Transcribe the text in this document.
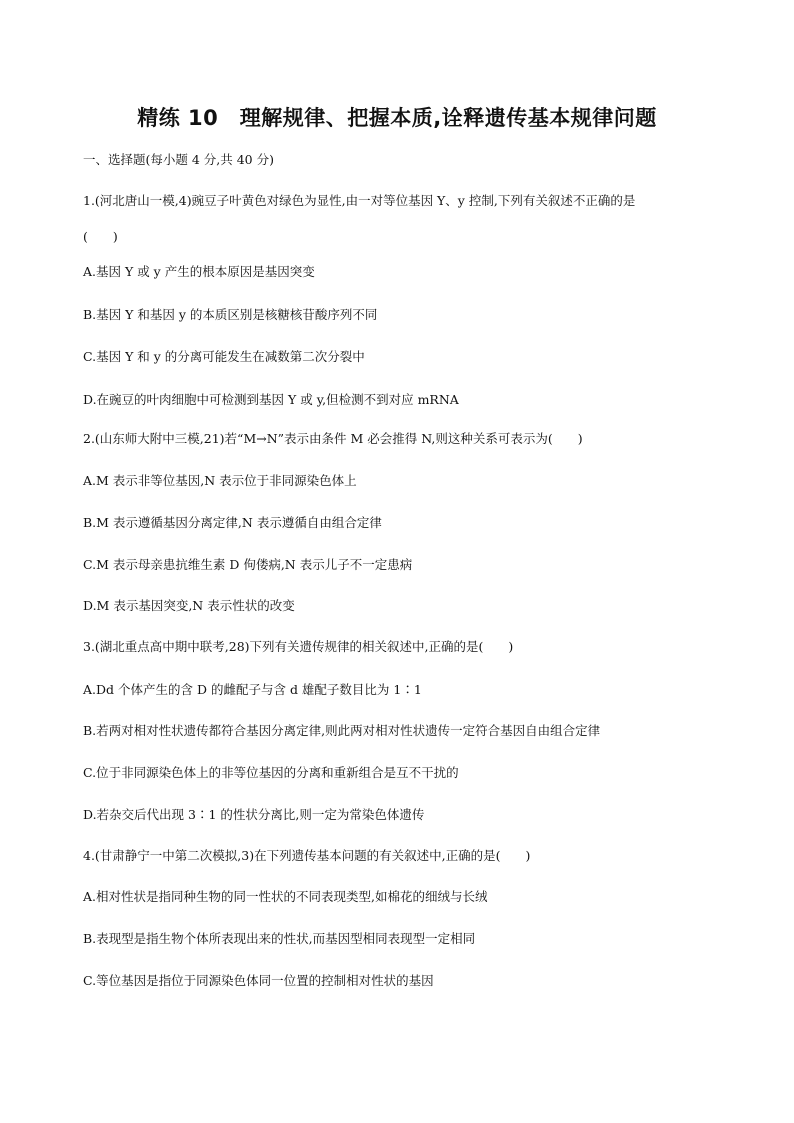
精练 10　理解规律、把握本质,诠释遗传基本规律问题
一、选择题(每小题 4 分,共 40 分)
1.(河北唐山一模,4)豌豆子叶黄色对绿色为显性,由一对等位基因 Y、y 控制,下列有关叙述不正确的是
(　　)
A.基因 Y 或 y 产生的根本原因是基因突变
B.基因 Y 和基因 y 的本质区别是核糖核苷酸序列不同
C.基因 Y 和 y 的分离可能发生在减数第二次分裂中
D.在豌豆的叶肉细胞中可检测到基因 Y 或 y,但检测不到对应 mRNA
2.(山东师大附中三模,21)若“M→N”表示由条件 M 必会推得 N,则这种关系可表示为(　　)
A.M 表示非等位基因,N 表示位于非同源染色体上
B.M 表示遵循基因分离定律,N 表示遵循自由组合定律
C.M 表示母亲患抗维生素 D 佝偻病,N 表示儿子不一定患病
D.M 表示基因突变,N 表示性状的改变
3.(湖北重点高中期中联考,28)下列有关遗传规律的相关叙述中,正确的是(　　)
A.Dd 个体产生的含 D 的雌配子与含 d 雄配子数目比为 1∶1
B.若两对相对性状遗传都符合基因分离定律,则此两对相对性状遗传一定符合基因自由组合定律
C.位于非同源染色体上的非等位基因的分离和重新组合是互不干扰的
D.若杂交后代出现 3∶1 的性状分离比,则一定为常染色体遗传
4.(甘肃静宁一中第二次模拟,3)在下列遗传基本问题的有关叙述中,正确的是(　　)
A.相对性状是指同种生物的同一性状的不同表现类型,如棉花的细绒与长绒
B.表现型是指生物个体所表现出来的性状,而基因型相同表现型一定相同
C.等位基因是指位于同源染色体同一位置的控制相对性状的基因
